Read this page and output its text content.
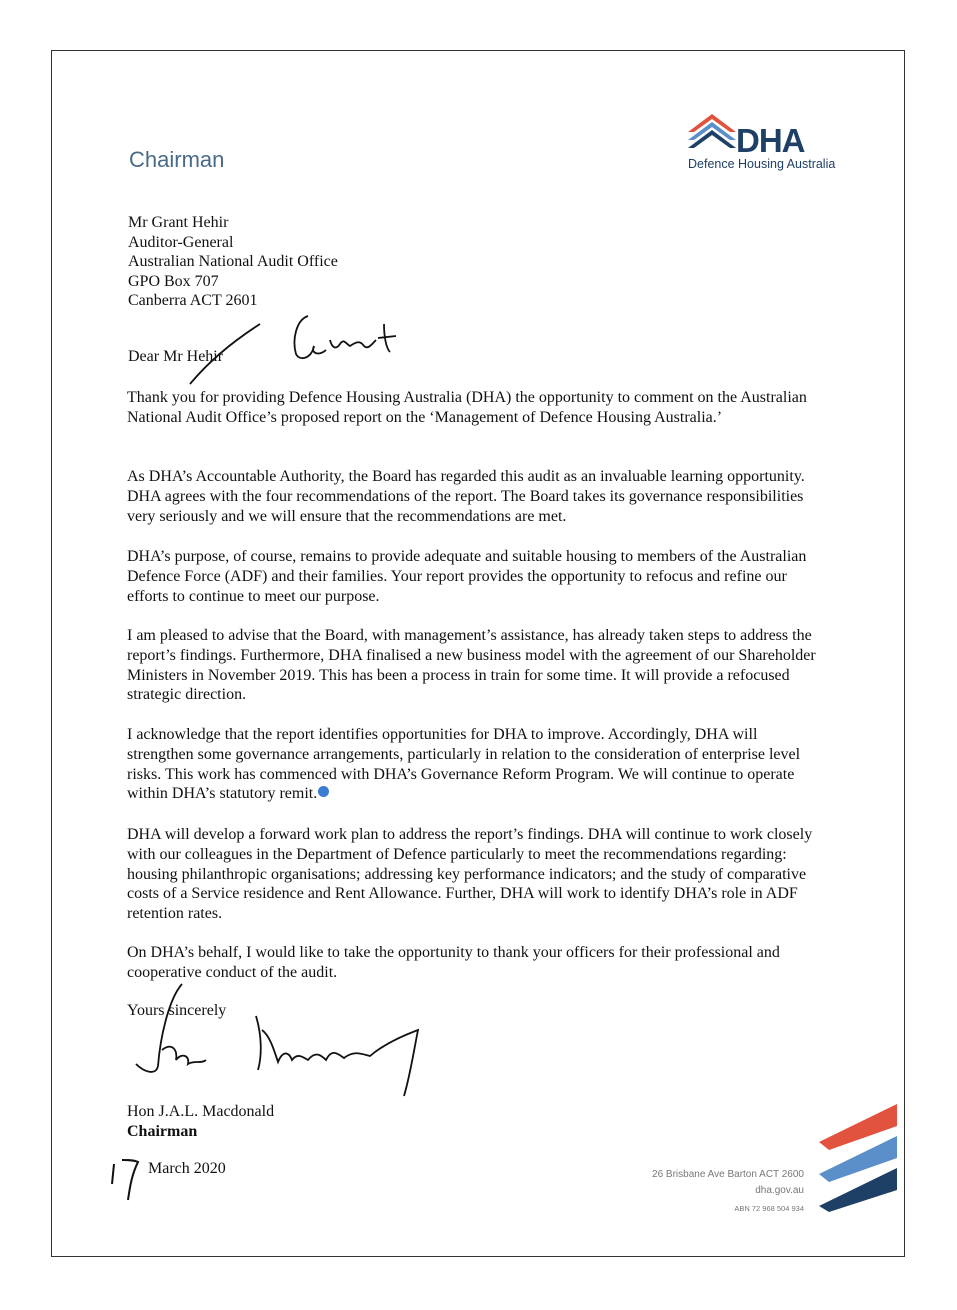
Chairman
DHA
Defence Housing Australia
Mr Grant Hehir
Auditor-General
Australian National Audit Office
GPO Box 707
Canberra ACT 2601
Dear Mr Hehir
Thank you for providing Defence Housing Australia (DHA) the opportunity to comment on the Australian National Audit Office’s proposed report on the ‘Management of Defence Housing Australia.’
As DHA’s Accountable Authority, the Board has regarded this audit as an invaluable learning opportunity. DHA agrees with the four recommendations of the report. The Board takes its governance responsibilities very seriously and we will ensure that the recommendations are met.
DHA’s purpose, of course, remains to provide adequate and suitable housing to members of the Australian Defence Force (ADF) and their families. Your report provides the opportunity to refocus and refine our efforts to continue to meet our purpose.
I am pleased to advise that the Board, with management’s assistance, has already taken steps to address the report’s findings. Furthermore, DHA finalised a new business model with the agreement of our Shareholder Ministers in November 2019. This has been a process in train for some time. It will provide a refocused strategic direction.
I acknowledge that the report identifies opportunities for DHA to improve. Accordingly, DHA will strengthen some governance arrangements, particularly in relation to the consideration of enterprise level risks. This work has commenced with DHA’s Governance Reform Program. We will continue to operate within DHA’s statutory remit.
DHA will develop a forward work plan to address the report’s findings. DHA will continue to work closely with our colleagues in the Department of Defence particularly to meet the recommendations regarding: housing philanthropic organisations; addressing key performance indicators; and the study of comparative costs of a Service residence and Rent Allowance. Further, DHA will work to identify DHA’s role in ADF retention rates.
On DHA’s behalf, I would like to take the opportunity to thank your officers for their professional and cooperative conduct of the audit.
Yours sincerely
Hon J.A.L. Macdonald
Chairman
March 2020	26 Brisbane Ave Barton ACT 2600
dha.gov.au
ABN 72 968 504 934
